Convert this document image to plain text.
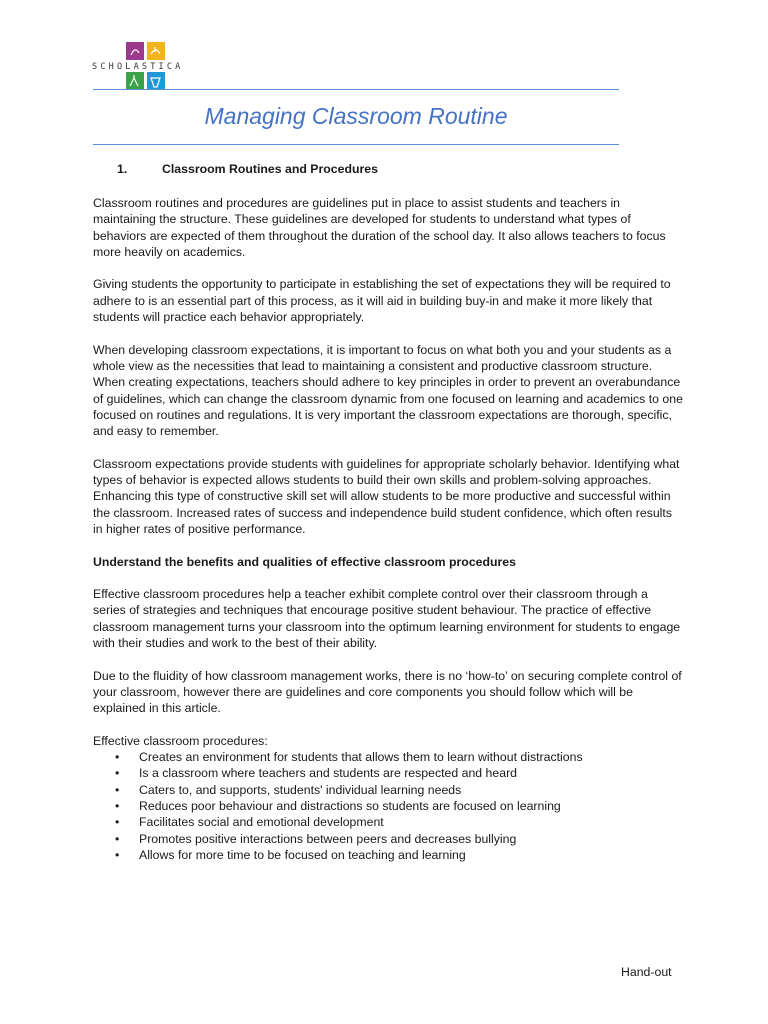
SCHOLASTICA
Managing Classroom Routine
1.	Classroom Routines and Procedures

Classroom routines and procedures are guidelines put in place to assist students and teachers in maintaining the structure. These guidelines are developed for students to understand what types of behaviors are expected of them throughout the duration of the school day. It also allows teachers to focus more heavily on academics.

Giving students the opportunity to participate in establishing the set of expectations they will be required to adhere to is an essential part of this process, as it will aid in building buy-in and make it more likely that students will practice each behavior appropriately.

When developing classroom expectations, it is important to focus on what both you and your students as a whole view as the necessities that lead to maintaining a consistent and productive classroom structure. When creating expectations, teachers should adhere to key principles in order to prevent an overabundance of guidelines, which can change the classroom dynamic from one focused on learning and academics to one focused on routines and regulations. It is very important the classroom expectations are thorough, specific, and easy to remember.

Classroom expectations provide students with guidelines for appropriate scholarly behavior. Identifying what types of behavior is expected allows students to build their own skills and problem-solving approaches. Enhancing this type of constructive skill set will allow students to be more productive and successful within the classroom. Increased rates of success and independence build student confidence, which often results in higher rates of positive performance.

Understand the benefits and qualities of effective classroom procedures

Effective classroom procedures help a teacher exhibit complete control over their classroom through a series of strategies and techniques that encourage positive student behaviour. The practice of effective classroom management turns your classroom into the optimum learning environment for students to engage with their studies and work to the best of their ability.

Due to the fluidity of how classroom management works, there is no ‘how-to’ on securing complete control of your classroom, however there are guidelines and core components you should follow which will be explained in this article.

Effective classroom procedures:

• Creates an environment for students that allows them to learn without distractions
• Is a classroom where teachers and students are respected and heard
• Caters to, and supports, students' individual learning needs
• Reduces poor behaviour and distractions so students are focused on learning
• Facilitates social and emotional development
• Promotes positive interactions between peers and decreases bullying
• Allows for more time to be focused on teaching and learning
Hand-out
